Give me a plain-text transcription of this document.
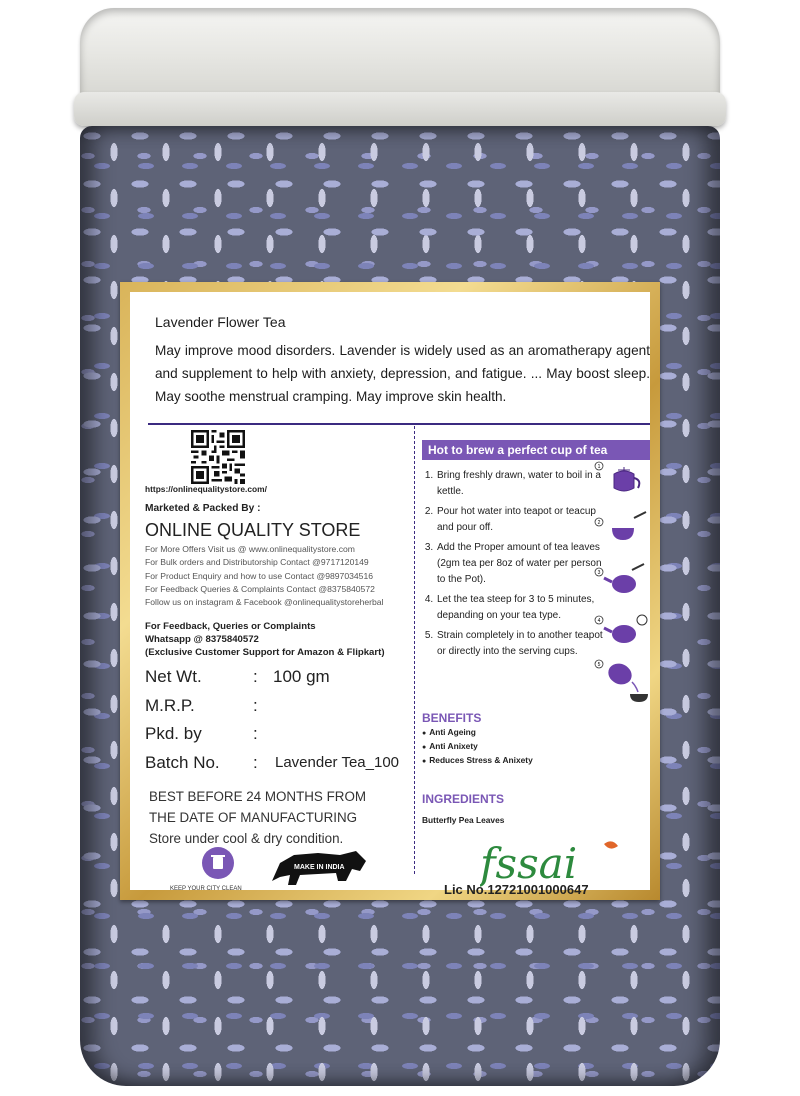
Lavender Flower Tea
May improve mood disorders. Lavender is widely used as an aromatherapy agent and supplement to help with anxiety, depression, and fatigue. ... May boost sleep. May soothe menstrual cramping. May improve skin health.
https://onlinequalitystore.com/
Marketed & Packed By :
ONLINE QUALITY STORE
For More Offers Visit us @ www.onlinequalitystore.com
For Bulk orders and Distributorship Contact @9717120149
For Product Enquiry and how to use Contact @9897034516
For Feedback Queries & Complaints Contact @8375840572
Follow us on instagram & Facebook @onlinequalitystoreherbal
For Feedback, Queries or Complaints
Whatsapp @ 8375840572
(Exclusive Customer Support for Amazon & Flipkart)
Net Wt.	: 100 gm
M.R.P.	:
Pkd. by	:
Batch No. : Lavender Tea_100
BEST BEFORE 24 MONTHS FROM
THE DATE OF MANUFACTURING
Store under cool & dry condition.
KEEP YOUR CITY CLEAN
MAKE IN INDIA
Hot to brew a perfect cup of tea
1. Bring freshly drawn, water to boil in a kettle.
2. Pour hot water into teapot or teacup and pour off.
3. Add the Proper amount of tea leaves (2gm tea per 8oz of water per person to the Pot).
4. Let the tea steep for 3 to 5 minutes, depanding on your tea type.
5. Strain completely in to another teapot or directly into the serving cups.
1
2
3
4
5
BENEFITS
● Anti Ageing
● Anti Anixety
● Reduces Stress & Anixety
INGREDIENTS
Butterfly Pea Leaves
fssai
Lic No.12721001000647
